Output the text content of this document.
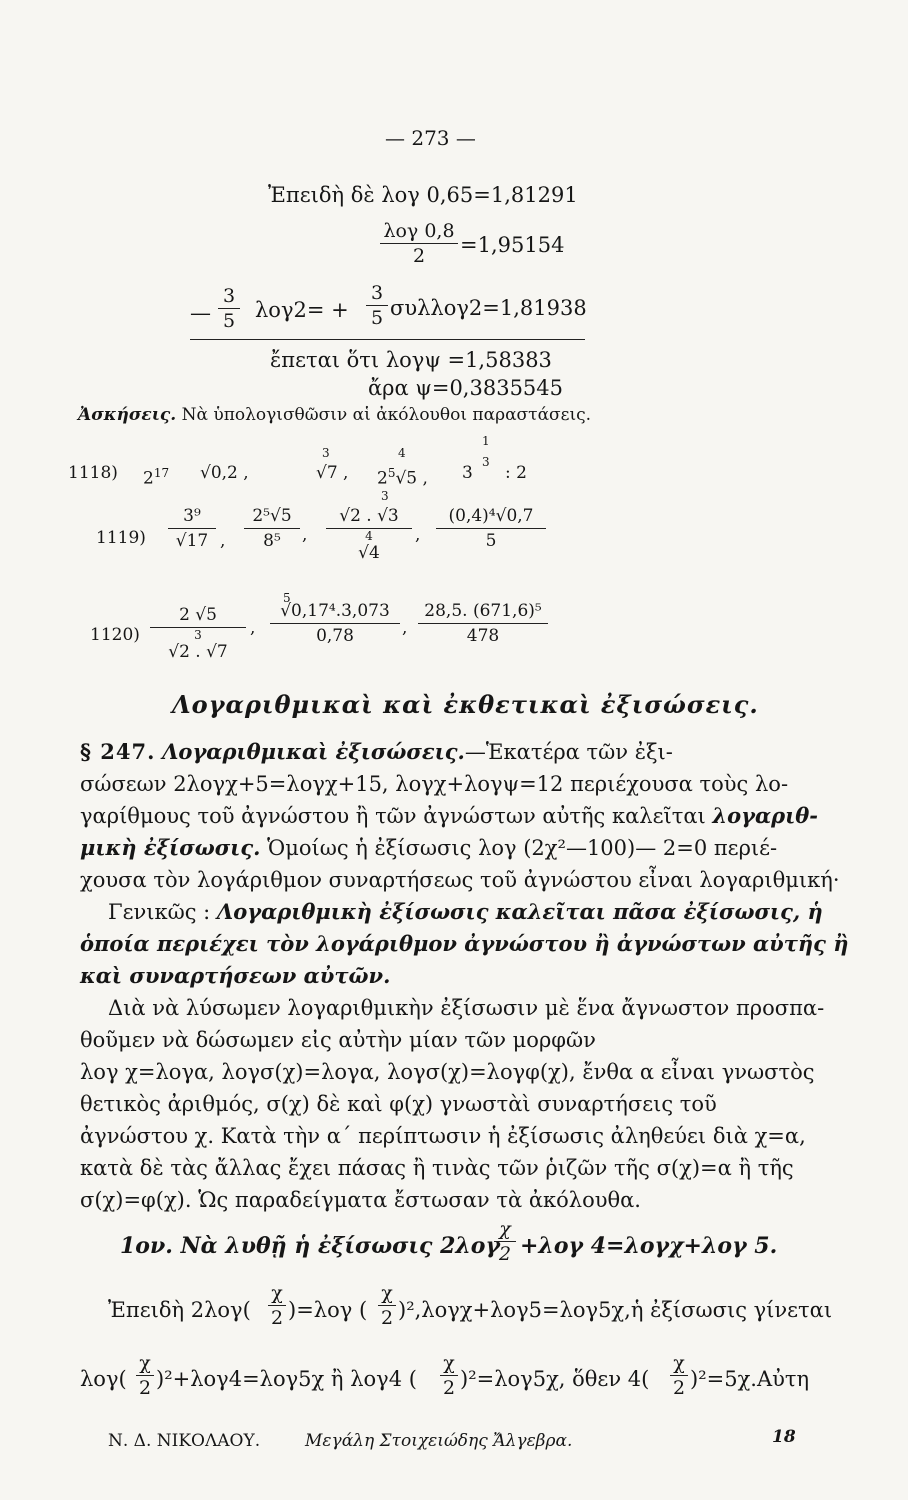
— 273 —
Ἐπειδὴ δὲ λογ 0,65=1,81291
λογ 0,8
2	=1,95154
—
3
5 λογ2= +
3
5 συλλογ2=1,81938
ἔπεται ὅτι λογψ =1,58383
ἄρα ψ=0,3835545
Ἀσκήσεις. Νὰ ὑπολογισθῶσιν αἱ ἀκόλουθοι παραστάσεις.
1118) $2^{17}$ √0,2 ,
3
√7 ,
4
$2^5√5$ ,
1
3
3 : 2
3
1119)
3⁹
√17 ,
2⁵√5
8⁵	,
√2 . √3
4
√4
,
(0,4)⁴√0,7
5
1120)
2 √5
3
√2 . √7
,
5
√0,17⁴.3,073
0,78	,
28,5. (671,6)⁵
478
Λογαριθμικαὶ καὶ ἐκθετικαὶ ἐξισώσεις.
§ 247. Λογαριθμικαὶ ἐξισώσεις.—Ἑκατέρα τῶν ἐξι-
σώσεων 2λογχ+5=λογχ+15, λογχ+λογψ=12 περιέχουσα τοὺς λο-
γαρίθμους τοῦ ἀγνώστου ἢ τῶν ἀγνώστων αὐτῆς καλεῖται λογαριθ-
μικὴ ἐξίσωσις. Ὁμοίως ἡ ἐξίσωσις λογ (2χ²—100)— 2=0 περιέ-
χουσα τὸν λογάριθμον συναρτήσεως τοῦ ἀγνώστου εἶναι λογαριθμική·
Γενικῶς : Λογαριθμικὴ ἐξίσωσις καλεῖται πᾶσα ἐξίσωσις, ἡ
ὁποία περιέχει τὸν λογάριθμον ἀγνώστου ἢ ἀγνώστων αὐτῆς ἢ
καὶ συναρτήσεων αὐτῶν.
Διὰ νὰ λύσωμεν λογαριθμικὴν ἐξίσωσιν μὲ ἕνα ἄγνωστον προσπα-
θοῦμεν νὰ δώσωμεν εἰς αὐτὴν μίαν τῶν μορφῶν
λογ χ=λογα, λογσ(χ)=λογα, λογσ(χ)=λογφ(χ), ἔνθα α εἶναι γνωστὸς
θετικὸς ἀριθμός, σ(χ) δὲ καὶ φ(χ) γνωστὰὶ συναρτήσεις τοῦ
ἀγνώστου χ. Κατὰ τὴν α´ περίπτωσιν ἡ ἐξίσωσις ἀληθεύει διὰ χ=α,
κατὰ δὲ τὰς ἄλλας ἔχει πάσας ἢ τινὰς τῶν ῥιζῶν τῆς σ(χ)=α ἢ τῆς
σ(χ)=φ(χ). Ὡς παραδείγματα ἔστωσαν τὰ ἀκόλουθα.
1ον. Νὰ λυθῇ ἡ ἐξίσωσις 2λογ
χ
2 +λογ 4=λογχ+λογ 5.
Ἐπειδὴ 2λογ(
χ
2 )=λογ (
χ
2 )²,λογχ+λογ5=λογ5χ,ἡ ἐξίσωσις γίνεται
λογ(
χ
2 )²+λογ4=λογ5χ ἢ λογ4 (
χ
2 )²=λογ5χ, ὅθεν 4(
χ
2 )²=5χ.Αὐτη
Ν. Δ. ΝΙΚΟΛΑΟΥ.	Μεγάλη Στοιχειώδης Ἄλγεβρα.	18
